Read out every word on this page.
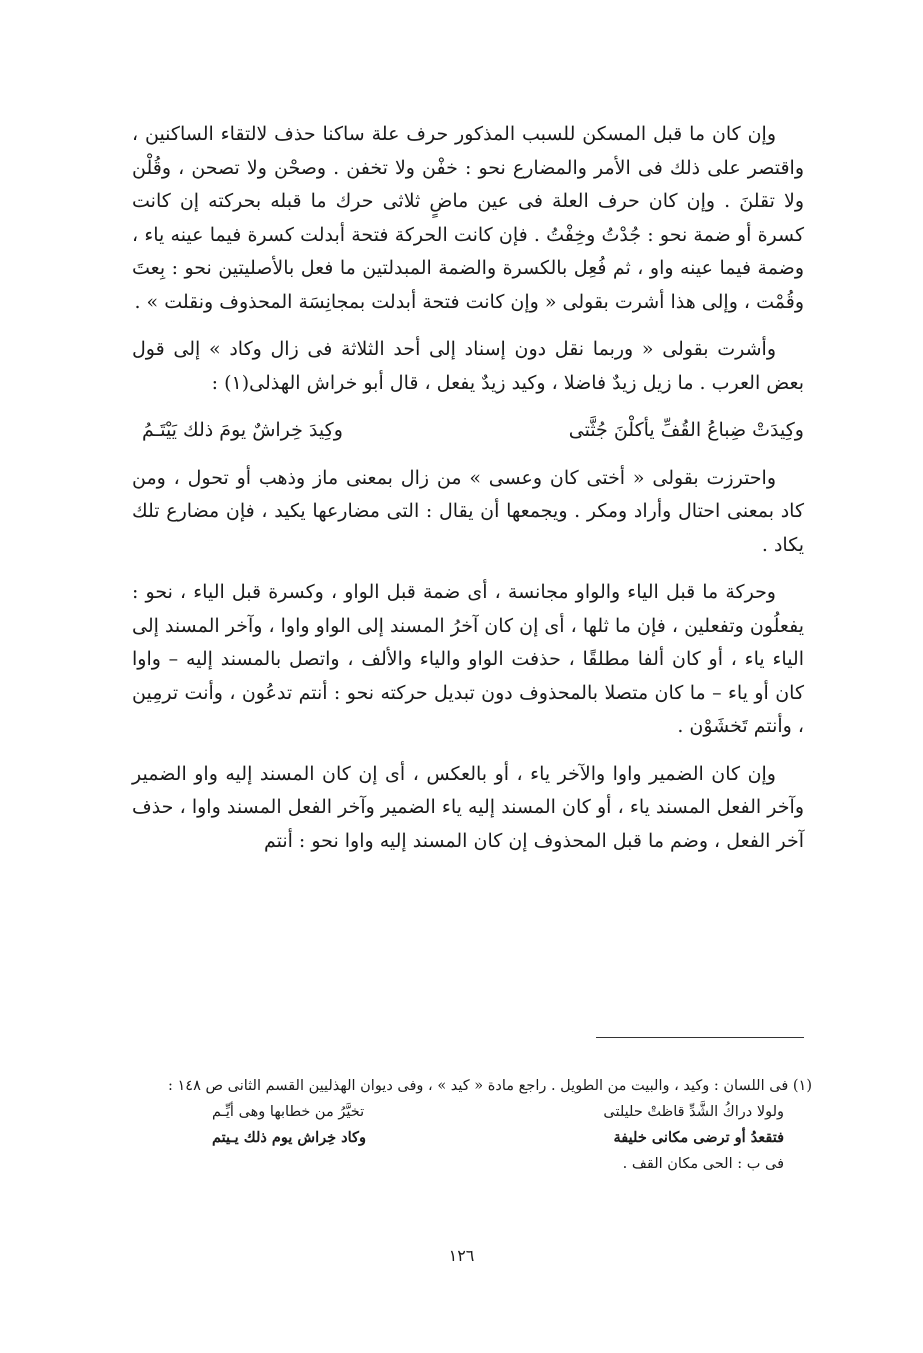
وإن كان ما قبل المسكن للسبب المذكور حرف علة ساكنا حذف لالتقاء الساكنين ، واقتصر على ذلك فى الأمر والمضارع نحو : خفْن ولا تخفن . وصحْن ولا تصحن ، وقُلْن ولا تقلنَ . وإن كان حرف العلة فى عين ماضٍ ثلاثى حرك ما قبله بحركته إن كانت كسرة أو ضمة نحو : جُدْتُ وخِفْتُ . فإن كانت الحركة فتحة أبدلت كسرة فيما عينه ياء ، وضمة فيما عينه واو ، ثم فُعِل بالكسرة والضمة المبدلتين ما فعل بالأصليتين نحو : بِعتَ وقُمْت ، وإلى هذا أشرت بقولى « وإن كانت فتحة أبدلت بمجانِسَة المحذوف ونقلت » .

وأشرت بقولى « وربما نقل دون إسناد إلى أحد الثلاثة فى زال وكاد » إلى قول بعض العرب . ما زيل زيدٌ فاضلا ، وكيد زيدٌ يفعل ، قال أبو خراش الهذلى(١) :

وكِيدَتْ ضِباعُ القُفِّ يأكلْنَ جُثَّتى
وكِيدَ خِراشٌ يومَ ذلك يَيْتَـمُ

واحترزت بقولى « أختى كان وعسى » من زال بمعنى ماز وذهب أو تحول ، ومن كاد بمعنى احتال وأراد ومكر . ويجمعها أن يقال : التى مضارعها يكيد ، فإن مضارع تلك يكاد .

وحركة ما قبل الياء والواو مجانسة ، أى ضمة قبل الواو ، وكسرة قبل الياء ، نحو : يفعلُون وتفعلين ، فإن ما ثلها ، أى إن كان آخرُ المسند إلى الواو واوا ، وآخر المسند إلى الياء ياء ، أو كان ألفا مطلقًا ، حذفت الواو والياء والألف ، واتصل بالمسند إليه – واوا كان أو ياء – ما كان متصلا بالمحذوف دون تبديل حركته نحو : أنتم تدعُون ، وأنت ترمِين ، وأنتم تَخشَوْن .

وإن كان الضمير واوا والآخر ياء ، أو بالعكس ، أى إن كان المسند إليه واو الضمير وآخر الفعل المسند ياء ، أو كان المسند إليه ياء الضمير وآخر الفعل المسند واوا ، حذف آخر الفعل ، وضم ما قبل المحذوف إن كان المسند إليه واوا نحو : أنتم

(١) فى اللسان : وكيد ، والبيت من الطويل . راجع مادة « كيد » ، وفى ديوان الهذليين القسم الثانى ص ١٤٨ :

ولولا دراكُ الشَّدِّ قاظتْ حليلتى
تخيَّرُ من خطابها وهى أيِّـم
فتقعدُ أو ترضى مكانى خليفة
وكاد خِراش يوم ذلك يـيتم

فى ب : الحى مكان القف .

١٢٦
